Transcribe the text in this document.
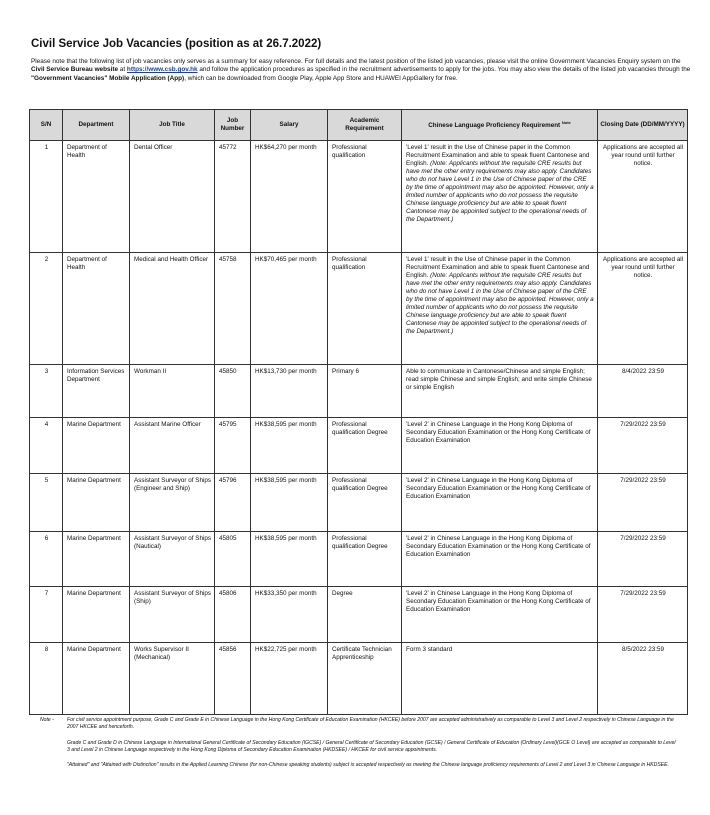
Civil Service Job Vacancies (position as at 26.7.2022)
Please note that the following list of job vacancies only serves as a summary for easy reference. For full details and the latest position of the listed job vacancies, please visit the online Government Vacancies Enquiry system on the Civil Service Bureau website at https://www.csb.gov.hk and follow the application procedures as specified in the recruitment advertisements to apply for the jobs. You may also view the details of the listed job vacancies through the "Government Vacancies" Mobile Application (App), which can be downloaded from Google Play, Apple App Store and HUAWEI AppGallery for free.
S/N	Department	Job Title	Job Number	Salary	Academic Requirement	Chinese Language Proficiency Requirement $^{Note}$	Closing Date (DD/MM/YYYY)
1	Department of Health	Dental Officer	45772	HK$64,270 per month	Professional qualification	'Level 1' result in the Use of Chinese paper in the Common Recruitment Examination and able to speak fluent Cantonese and English. (Note: Applicants without the requisite CRE results but have met the other entry requirements may also apply. Candidates who do not have Level 1 in the Use of Chinese paper of the CRE by the time of appointment may also be appointed. However, only a limited number of applicants who do not possess the requisite Chinese language proficiency but are able to speak fluent Cantonese may be appointed subject to the operational needs of the Department.)	Applications are accepted all year round until further notice.
2	Department of Health	Medical and Health Officer	45758	HK$70,465 per month	Professional qualification	'Level 1' result in the Use of Chinese paper in the Common Recruitment Examination and able to speak fluent Cantonese and English. (Note: Applicants without the requisite CRE results but have met the other entry requirements may also apply. Candidates who do not have Level 1 in the Use of Chinese paper of the CRE by the time of appointment may also be appointed. However, only a limited number of applicants who do not possess the requisite Chinese language proficiency but are able to speak fluent Cantonese may be appointed subject to the operational needs of the Department.)	Applications are accepted all year round until further notice.
3	Information Services Department	Workman II	45850	HK$13,730 per month	Primary 6	Able to communicate in Cantonese/Chinese and simple English; read simple Chinese and simple English; and write simple Chinese or simple English	8/4/2022 23:59
4	Marine Department	Assistant Marine Officer	45795	HK$38,595 per month	Professional qualification Degree	'Level 2' in Chinese Language in the Hong Kong Diploma of Secondary Education Examination or the Hong Kong Certificate of Education Examination	7/29/2022 23:59
5	Marine Department	Assistant Surveyor of Ships (Engineer and Ship)	45796	HK$38,595 per month	Professional qualification Degree	'Level 2' in Chinese Language in the Hong Kong Diploma of Secondary Education Examination or the Hong Kong Certificate of Education Examination	7/29/2022 23:59
6	Marine Department	Assistant Surveyor of Ships (Nautical)	45805	HK$38,595 per month	Professional qualification Degree	'Level 2' in Chinese Language in the Hong Kong Diploma of Secondary Education Examination or the Hong Kong Certificate of Education Examination	7/29/2022 23:59
7	Marine Department	Assistant Surveyor of Ships (Ship)	45806	HK$33,350 per month	Degree	'Level 2' in Chinese Language in the Hong Kong Diploma of Secondary Education Examination or the Hong Kong Certificate of Education Examination	7/29/2022 23:59
8	Marine Department	Works Supervisor II (Mechanical)	45856	HK$22,725 per month	Certificate Technician Apprenticeship	Form 3 standard	8/5/2022 23:59
Note -	For civil service appointment purpose, Grade C and Grade E in Chinese Language in the Hong Kong Certificate of Education Examination (HKCEE) before 2007 are accepted administratively as comparable to Level 3 and Level 2 respectively in Chinese Language in the 2007 HKCEE and henceforth.
Grade C and Grade D in Chinese Language in International General Certificate of Secondary Education (IGCSE) / General Certificate of Secondary Education (GCSE) / General Certificate of Education (Ordinary Level)(GCE O Level) are accepted as comparable to Level 3 and Level 2 in Chinese Language respectively in the Hong Kong Diploma of Secondary Education Examination (HKDSEE) / HKCEE for civil service appointments.
"Attained" and "Attained with Distinction" results in the Applied Learning Chinese (for non-Chinese speaking students) subject is accepted respectively as meeting the Chinese language proficiency requirements of Level 2 and Level 3 in Chinese Language in HKDSEE.
